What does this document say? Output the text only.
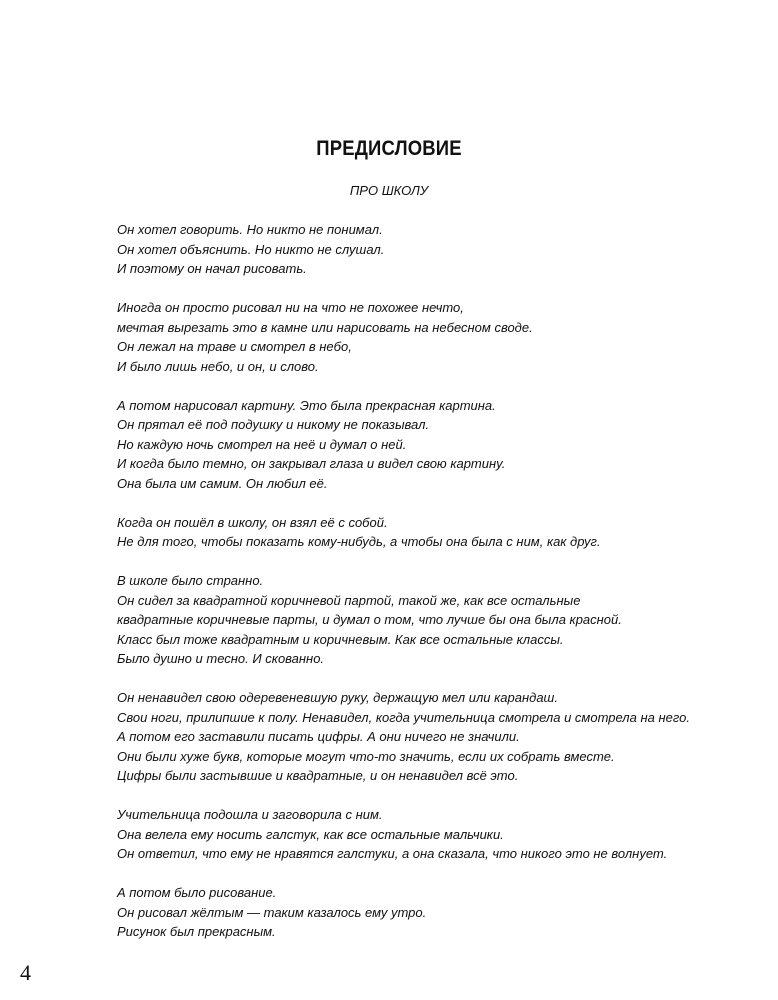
ПРЕДИСЛОВИЕ
ПРО ШКОЛУ
Он хотел говорить. Но никто не понимал.
Он хотел объяснить. Но никто не слушал.
И поэтому он начал рисовать.
Иногда он просто рисовал ни на что не похожее нечто,
мечтая вырезать это в камне или нарисовать на небесном своде.
Он лежал на траве и смотрел в небо,
И было лишь небо, и он, и слово.
А потом нарисовал картину. Это была прекрасная картина.
Он прятал её под подушку и никому не показывал.
Но каждую ночь смотрел на неё и думал о ней.
И когда было темно, он закрывал глаза и видел свою картину.
Она была им самим. Он любил её.
Когда он пошёл в школу, он взял её с собой.
Не для того, чтобы показать кому-нибудь, а чтобы она была с ним, как друг.
В школе было странно.
Он сидел за квадратной коричневой партой, такой же, как все остальные
квадратные коричневые парты, и думал о том, что лучше бы она была красной.
Класс был тоже квадратным и коричневым. Как все остальные классы.
Было душно и тесно. И скованно.
Он ненавидел свою одеревеневшую руку, держащую мел или карандаш.
Свои ноги, прилипшие к полу. Ненавидел, когда учительница смотрела и смотрела на него.
А потом его заставили писать цифры. А они ничего не значили.
Они были хуже букв, которые могут что-то значить, если их собрать вместе.
Цифры были застывшие и квадратные, и он ненавидел всё это.
Учительница подошла и заговорила с ним.
Она велела ему носить галстук, как все остальные мальчики.
Он ответил, что ему не нравятся галстуки, а она сказала, что никого это не волнует.
А потом было рисование.
Он рисовал жёлтым — таким казалось ему утро.
Рисунок был прекрасным.
4
